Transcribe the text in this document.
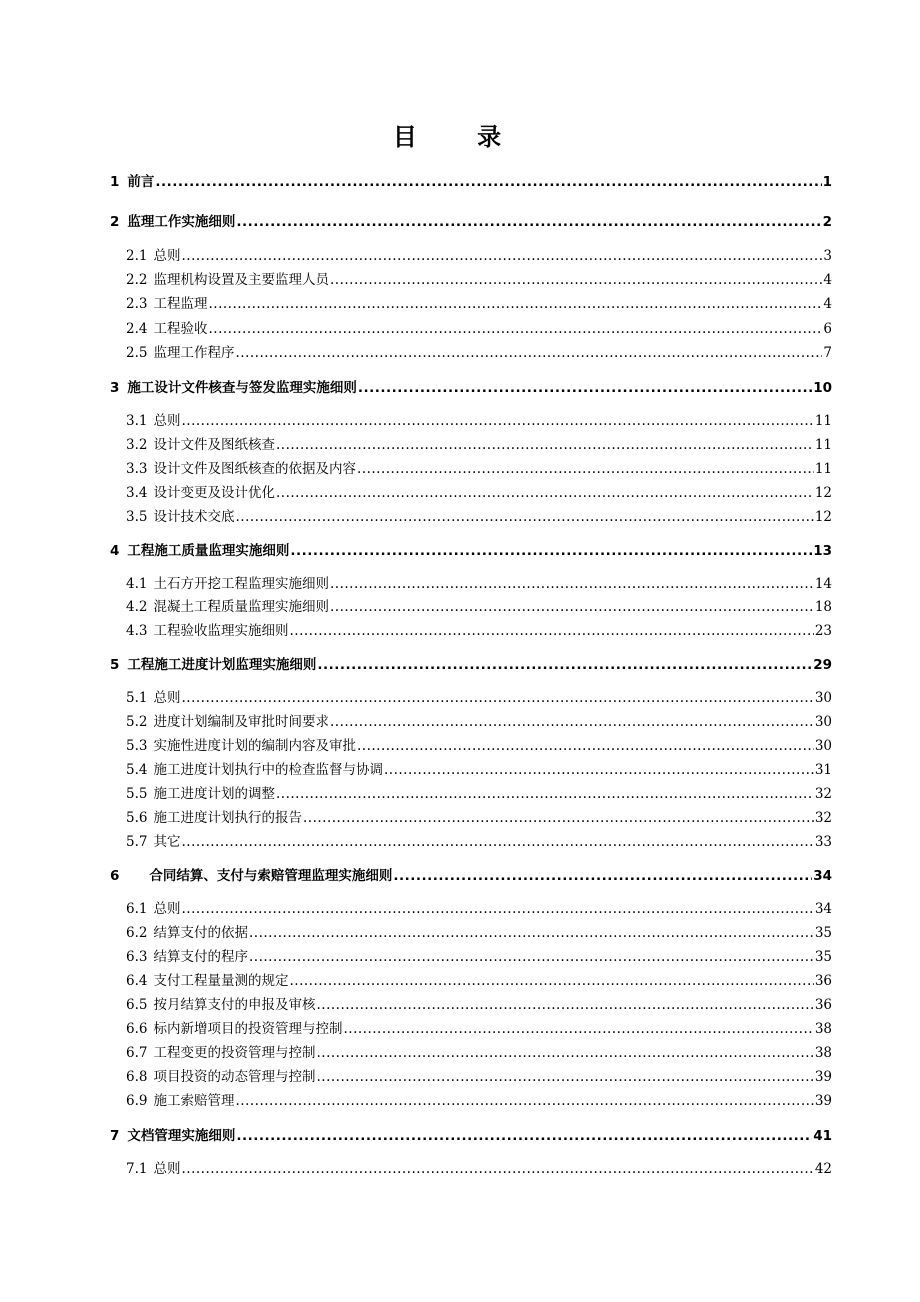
目 录
1 前言 .....	1
2 监理工作实施细则 .....	2
2.1 总则 .....	3
2.2 监理机构设置及主要监理人员 .....	4
2.3 工程监理 .....	4
2.4 工程验收 .....	6
2.5 监理工作程序 .....	7
3 施工设计文件核查与签发监理实施细则 .....	10
3.1 总则 .....	11
3.2 设计文件及图纸核查 .....	11
3.3 设计文件及图纸核查的依据及内容 .....	11
3.4 设计变更及设计优化 .....	12
3.5 设计技术交底 .....	12
4 工程施工质量监理实施细则 .....	13
4.1 土石方开挖工程监理实施细则 .....	14
4.2 混凝土工程质量监理实施细则 .....	18
4.3 工程验收监理实施细则 .....	23
5 工程施工进度计划监理实施细则 .....	29
5.1 总则 .....	30
5.2 进度计划编制及审批时间要求 .....	30
5.3 实施性进度计划的编制内容及审批 .....	30
5.4 施工进度计划执行中的检查监督与协调 .....	31
5.5 施工进度计划的调整 .....	32
5.6 施工进度计划执行的报告 .....	32
5.7 其它 .....	33
6 合同结算、支付与索赔管理监理实施细则 .....	34
6.1 总则 .....	34
6.2 结算支付的依据 .....	35
6.3 结算支付的程序 .....	35
6.4 支付工程量量测的规定 .....	36
6.5 按月结算支付的申报及审核 .....	36
6.6 标内新增项目的投资管理与控制 .....	38
6.7 工程变更的投资管理与控制 .....	38
6.8 项目投资的动态管理与控制 .....	39
6.9 施工索赔管理 .....	39
7 文档管理实施细则 .....	41
7.1 总则 .....	42
